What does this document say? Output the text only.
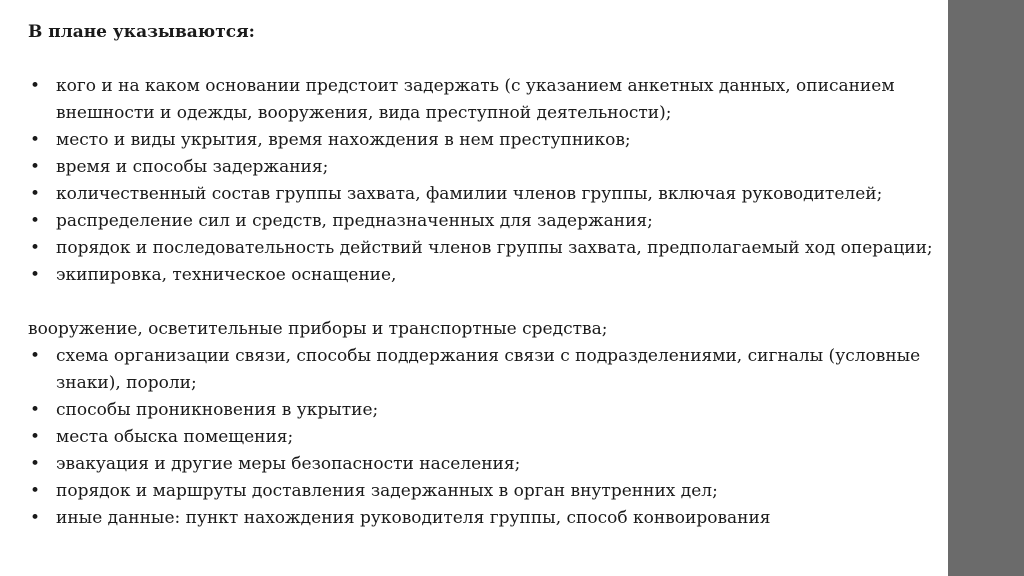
В плане указываются:

• кого и на каком основании предстоит задержать (с указанием анкетных данных, описанием внешности и одежды, вооружения, вида преступной деятельности);
• место и виды укрытия, время нахождения в нем преступников;
• время и способы задержания;
• количественный состав группы захвата, фамилии членов группы, включая руководителей;
• распределение сил и средств, предназначенных для задержания;
• порядок и последовательность действий членов группы захвата, предполагаемый ход операции;
• экипировка, техническое оснащение,

вооружение, осветительные приборы и транспортные средства;

• схема организации связи, способы поддержания связи с подразделениями, сигналы (условные знаки), пороли;
• способы проникновения в укрытие;
• места обыска помещения;
• эвакуация и другие меры безопасности населения;
• порядок и маршруты доставления задержанных в орган внутренних дел;
• иные данные: пункт нахождения руководителя группы, способ конвоирования
